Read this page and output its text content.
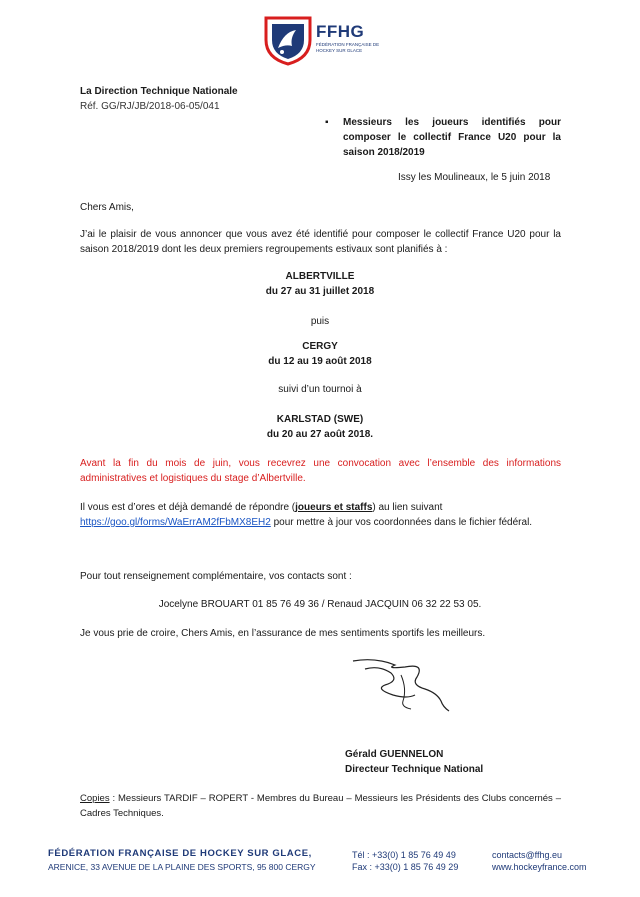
FFHG
FÉDÉRATION FRANÇAISE DE HOCKEY SUR GLACE
La Direction Technique Nationale
Réf. GG/RJ/JB/2018-06-05/041
▪ Messieurs les joueurs identifiés pour composer le collectif France U20 pour la saison 2018/2019
Issy les Moulineaux, le 5 juin 2018
Chers Amis,
J’ai le plaisir de vous annoncer que vous avez été identifié pour composer le collectif France U20 pour la saison 2018/2019 dont les deux premiers regroupements estivaux sont planifiés à :
ALBERTVILLE
du 27 au 31 juillet 2018
puis
CERGY
du 12 au 19 août 2018
suivi d’un tournoi à
KARLSTAD (SWE)
du 20 au 27 août 2018.
Avant la fin du mois de juin, vous recevrez une convocation avec l’ensemble des informations administratives et logistiques du stage d’Albertville.
Il vous est d’ores et déjà demandé de répondre (joueurs et staffs) au lien suivant
https://goo.gl/forms/WaErrAM2fFbMX8EH2 pour mettre à jour vos coordonnées dans le fichier fédéral.
Pour tout renseignement complémentaire, vos contacts sont :
Jocelyne BROUART 01 85 76 49 36 / Renaud JACQUIN 06 32 22 53 05.
Je vous prie de croire, Chers Amis, en l’assurance de mes sentiments sportifs les meilleurs.
Gérald GUENNELON
Directeur Technique National
Copies : Messieurs TARDIF – ROPERT - Membres du Bureau – Messieurs les Présidents des Clubs concernés – Cadres Techniques.
FÉDÉRATION FRANÇAISE DE HOCKEY SUR GLACE,
ARENICE, 33 AVENUE DE LA PLAINE DES SPORTS, 95 800 CERGY
Tél : +33(0) 1 85 76 49 49
Fax : +33(0) 1 85 76 49 29
contacts@ffhg.eu
www.hockeyfrance.com
